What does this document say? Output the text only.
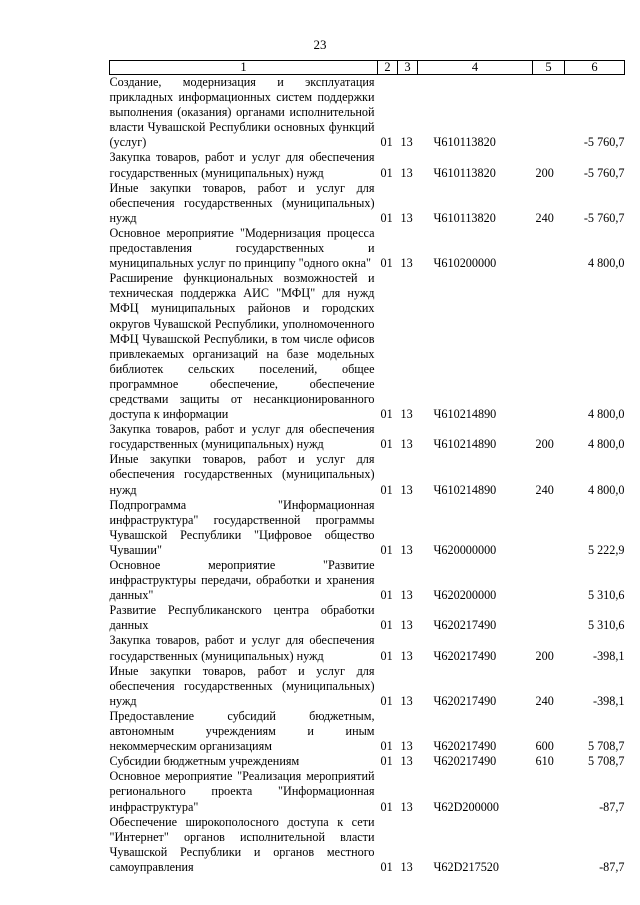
23
1	2	3	4	5	6
Создание, модернизация и эксплуатация прикладных информационных систем поддержки выполнения (оказания) органами исполнительной власти Чувашской Республики основных функций (услуг)	01	13	Ч610113820		-5 760,7
Закупка товаров, работ и услуг для обеспечения государственных (муниципальных) нужд	01	13	Ч610113820	200	-5 760,7
Иные закупки товаров, работ и услуг для обеспечения государственных (муниципальных) нужд	01	13	Ч610113820	240	-5 760,7
Основное мероприятие "Модернизация процесса предоставления государственных и муниципальных услуг по принципу "одного окна"	01	13	Ч610200000		4 800,0
Расширение функциональных возможностей и техническая поддержка АИС "МФЦ" для нужд МФЦ муниципальных районов и городских округов Чувашской Республики, уполномоченного МФЦ Чувашской Республики, в том числе офисов привлекаемых организаций на базе модельных библиотек сельских поселений, общее программное обеспечение, обеспечение средствами защиты от несанкционированного доступа к информации	01	13	Ч610214890		4 800,0
Закупка товаров, работ и услуг для обеспечения государственных (муниципальных) нужд	01	13	Ч610214890	200	4 800,0
Иные закупки товаров, работ и услуг для обеспечения государственных (муниципальных) нужд	01	13	Ч610214890	240	4 800,0
Подпрограмма "Информационная инфраструктура" государственной программы Чувашской Республики "Цифровое общество Чувашии"	01	13	Ч620000000		5 222,9
Основное мероприятие "Развитие инфраструктуры передачи, обработки и хранения данных"	01	13	Ч620200000		5 310,6
Развитие Республиканского центра обработки данных	01	13	Ч620217490		5 310,6
Закупка товаров, работ и услуг для обеспечения государственных (муниципальных) нужд	01	13	Ч620217490	200	-398,1
Иные закупки товаров, работ и услуг для обеспечения государственных (муниципальных) нужд	01	13	Ч620217490	240	-398,1
Предоставление субсидий бюджетным, автономным учреждениям и иным некоммерческим организациям	01	13	Ч620217490	600	5 708,7
Субсидии бюджетным учреждениям	01	13	Ч620217490	610	5 708,7
Основное мероприятие "Реализация мероприятий регионального проекта "Информационная инфраструктура"	01	13	Ч62D200000		-87,7
Обеспечение широкополосного доступа к сети "Интернет" органов исполнительной власти Чувашской Республики и органов местного самоуправления	01	13	Ч62D217520		-87,7
